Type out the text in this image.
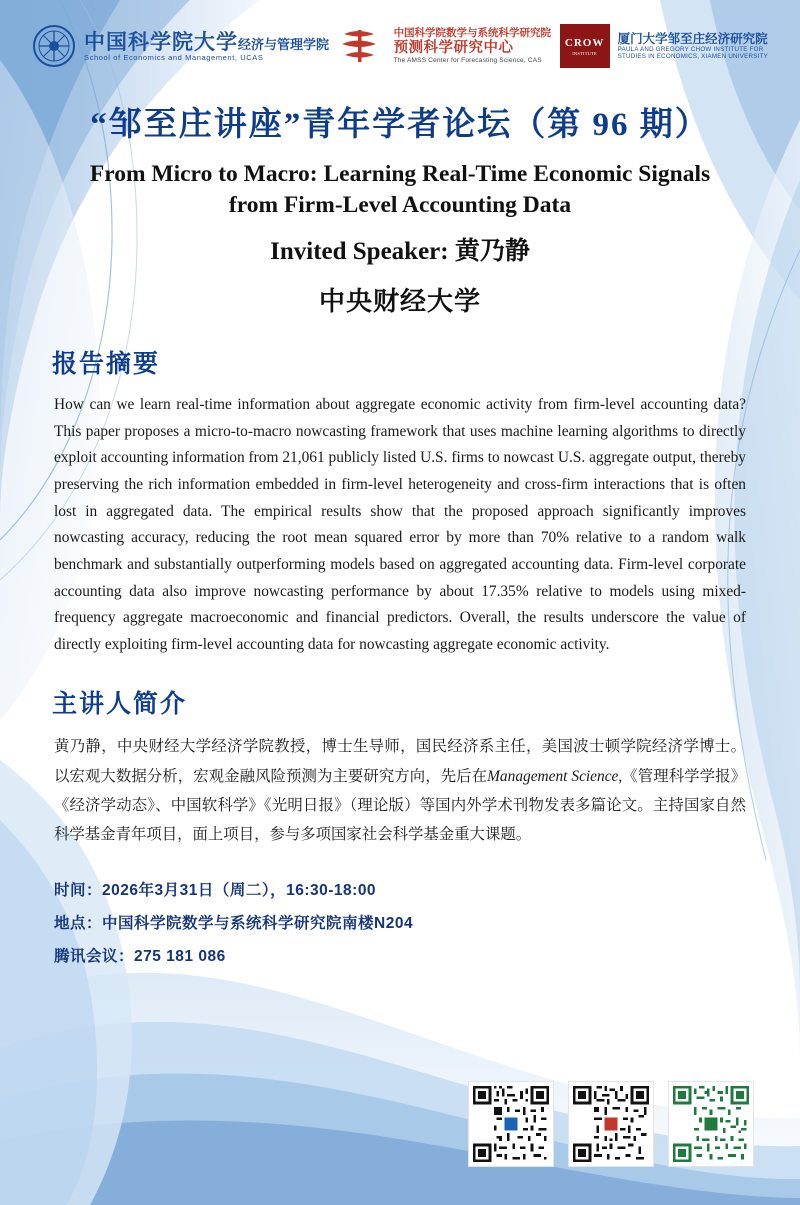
中国科学院大学经济与管理学院
School of Economics and Management, UCAS
中国科学院数学与系统科学研究院
预测科学研究中心
The AMSS Center for Forecasting Science, CAS
CROW
INSTITUTE
厦门大学邹至庄经济研究院
PAULA AND GREGORY CHOW INSTITUTE FOR
STUDIES IN ECONOMICS, XIAMEN UNIVERSITY
“邹至庄讲座”青年学者论坛（第 96 期）
From Micro to Macro: Learning Real-Time Economic Signals
from Firm-Level Accounting Data
Invited Speaker: 黄乃静
中央财经大学
报告摘要
How can we learn real-time information about aggregate economic activity from firm-level accounting data? This paper proposes a micro-to-macro nowcasting framework that uses machine learning algorithms to directly exploit accounting information from 21,061 publicly listed U.S. firms to nowcast U.S. aggregate output, thereby preserving the rich information embedded in firm-level heterogeneity and cross-firm interactions that is often lost in aggregated data. The empirical results show that the proposed approach significantly improves nowcasting accuracy, reducing the root mean squared error by more than 70% relative to a random walk benchmark and substantially outperforming models based on aggregated accounting data. Firm-level corporate accounting data also improve nowcasting performance by about 17.35% relative to models using mixed-frequency aggregate macroeconomic and financial predictors. Overall, the results underscore the value of directly exploiting firm-level accounting data for nowcasting aggregate economic activity.
主讲人简介
黄乃静，中央财经大学经济学院教授，博士生导师，国民经济系主任，美国波士顿学院经济学博士。以宏观大数据分析，宏观金融风险预测为主要研究方向，先后在Management Science,《管理科学学报》《经济学动态》、中国软科学》《光明日报》（理论版）等国内外学术刊物发表多篇论文。主持国家自然科学基金青年项目，面上项目，参与多项国家社会科学基金重大课题。
时间：2026年3月31日（周二），16:30-18:00
地点：中国科学院数学与系统科学研究院南楼N204
腾讯会议：275 181 086
